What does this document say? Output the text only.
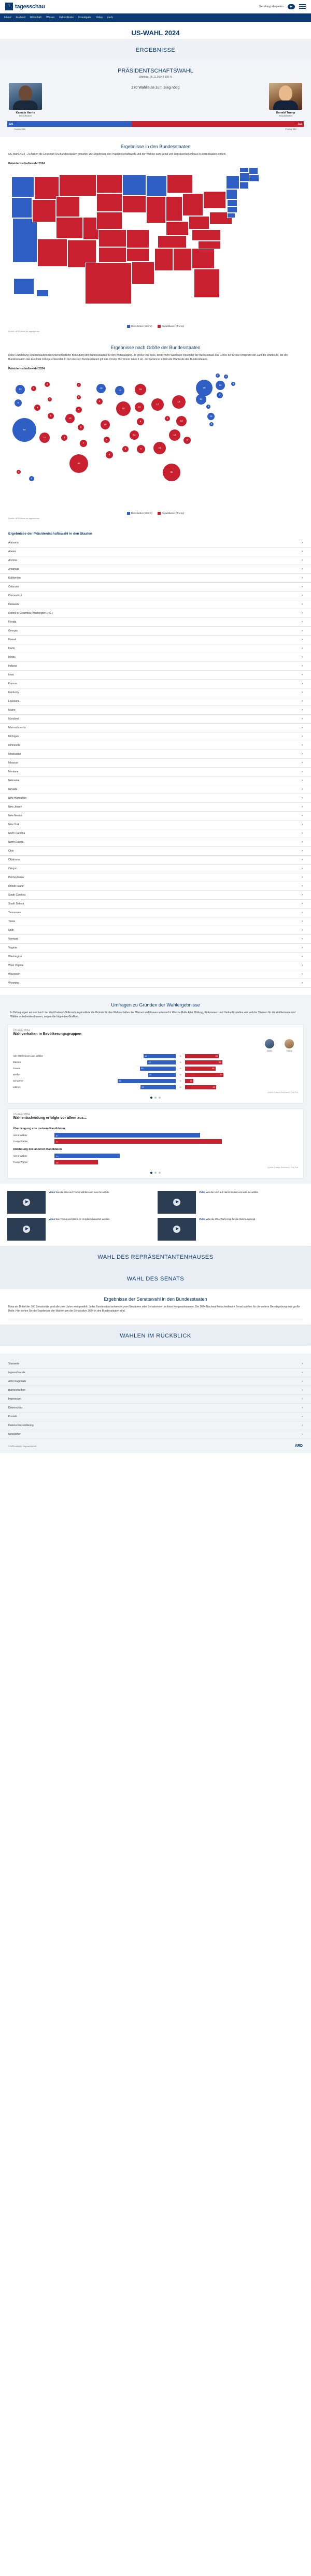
T tagesschau	Sendung abspielen	▶
Inland Ausland Wirtschaft Wissen Faktenfinder Investigativ Video mehr
US-WAHL 2024
ERGEBNISSE
PRÄSIDENTSCHAFTSWAHL
Wahltag: 05.11.2024 | 100 %
Kamala Harris
Demokraten
270 Wahlleute zum Sieg nötig
Donald Trump
Republikaner
226	312
Harris 226	Trump 312
Ergebnisse in den Bundesstaaten

US-Wahl 2024 - Zu haben die Einzelnen US-Bundesstaaten gewählt? Die Ergebnisse der Präsidentschaftswahl und der Wahlen zum Senat und Repräsentantenhaus in einzelstaaten sortiert.

Präsidentschaftswahl 2024
Demokraten (Harris)	Republikaner (Trump)
Quelle: AP/Edison via tagesschau
Ergebnisse nach Größe der Bundesstaaten

Diese Darstellung veranschaulicht die unterschiedliche Bedeutung der Bundesstaaten für den Wahlausgang. Je größer ein Kreis, desto mehr Wahlleute entsendet der Bundesstaat. Die Größe der Kreise entspricht der Zahl der Wahlleute, die der Bundesstaat in das Electoral College entsendet. In den meisten Bundesstaaten gilt das Prinzip The winner takes it all - der Gewinner erhält alle Wahlleute des Bundesstaates.

Präsidentschaftswahl 2024
12
8
54
4
4
6
3
6
10
11	5
3
3
5
6
7
40
10
6
10
6
8
10
19
11
17
15
8
11
6	9	16
30
19
4
13
16
9
14
28
11
7
3	4
4
3
10
3
3
4
Demokraten (Harris)	Republikaner (Trump)
Quelle: AP/Edison via tagesschau
Ergebnisse der Präsidentschaftswahl in den Staaten
Alabama	›
Alaska	›
Arizona	›
Arkansas	›
Kalifornien	›
Colorado	›
Connecticut	›
Delaware	›
District of Columbia (Washington D.C.)	›
Florida	›
Georgia	›
Hawaii	›
Idaho	›
Illinois	›
Indiana	›
Iowa	›
Kansas	›
Kentucky	›
Louisiana	›
Maine	›
Maryland	›
Massachusetts	›
Michigan	›
Minnesota	›
Mississippi	›
Missouri	›
Montana	›
Nebraska	›
Nevada	›
New Hampshire	›
New Jersey	›
New Mexico	›
New York	›
North Carolina	›
North Dakota	›
Ohio	›
Oklahoma	›
Oregon	›
Pennsylvania	›
Rhode Island	›
South Carolina	›
South Dakota	›
Tennessee	›
Texas	›
Utah	›
Vermont	›
Virginia	›
Washington	›
West Virginia	›
Wisconsin	›
Wyoming	›
Umfragen zu Gründen der Wahlergebnisse

In Befragungen am und nach der Wahl haben US-Forschungsinstitute die Gründe für das Wahlverhalten der Männer und Frauen untersucht. Welche Rolle Alter, Bildung, Einkommen und Herkunft spielten und welche Themen für die Wählerinnen und Wähler entscheidend waren, zeigen die folgenden Grafiken.

US-Wahl 2024
Wahlverhalten in Bevölkerungsgruppen
Harris	Trump
Alle Wählerinnen und Wähler	48	%	50
Männer	42	%	55
Frauen	53	%	45
Weiße	41	%	57
Schwarze	86	%	12
Latinos	52	%	46
Quelle: Edison Research / Exit Poll
US-Wahl 2024
Wahlentscheidung erfolgte vor allem aus...
Überzeugung von meinem Kandidaten
Harris-Wähler	67
Trump-Wähler	77
Ablehnung des anderen Kandidaten
Harris-Wähler	30
Trump-Wähler	20
Quelle: Edison Research / Exit Poll
Video Wie die USA auf Trump wählten und was ihn wählte	Video Wie die USA auf Harris blicken und was sie wählte
Video Wie Trump und Harris im Vergleich bewertet werden	Video Was die USA-Wahl zeigt für die Stimmung zeigt
WAHL DES REPRÄSENTANTENHAUSES
WAHL DES SENATS
Ergebnisse der Senatswahl in den Bundesstaaten

Etwa ein Drittel der 100 Senatssitze wird alle zwei Jahre neu gewählt. Jeder Bundesstaat entsendet zwei Senatoren oder Senatorinnen in diese Kongresskammer. Die 2024 Nachwahlentscheiden im Senat spielten für die weitere Gesetzgebung eine große Rolle. Hier sehen Sie die Ergebnisse der Wahlen um die Senatssitze 2024 in den Bundesstaaten sind.

WAHLEN IM RÜCKBLICK
Startseite	›
tagesschau.de	›
ARD Ragionale	›
Barrierefreiheit	›
Impressum	›
Datenschutz	›
Kontakt	›
Datenschutzerklärung	›
Newsletter	›
© ARD-aktuell / tagesschau.de	ARD
